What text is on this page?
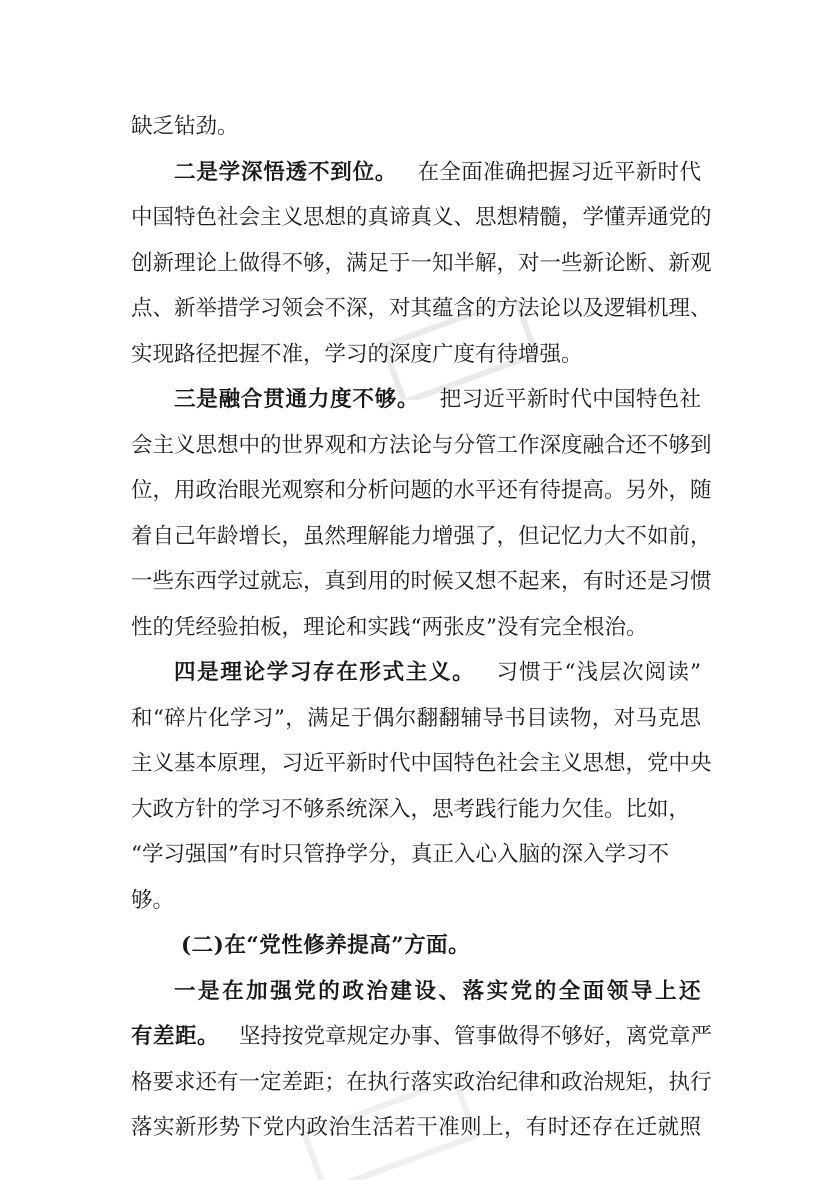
缺乏钻劲。
二是学深悟透不到位。 在全面准确把握习近平新时代
中国特色社会主义思想的真谛真义、思想精髓，学懂弄通党的
创新理论上做得不够，满足于一知半解，对一些新论断、新观
点、新举措学习领会不深，对其蕴含的方法论以及逻辑机理、
实现路径把握不准，学习的深度广度有待增强。
三是融合贯通力度不够。 把习近平新时代中国特色社
会主义思想中的世界观和方法论与分管工作深度融合还不够到
位，用政治眼光观察和分析问题的水平还有待提高。另外，随
着自己年龄增长，虽然理解能力增强了，但记忆力大不如前，
一些东西学过就忘，真到用的时候又想不起来，有时还是习惯
性的凭经验拍板，理论和实践“两张皮”没有完全根治。
四是理论学习存在形式主义。 习惯于“浅层次阅读”
和“碎片化学习”，满足于偶尔翻翻辅导书目读物，对马克思
主义基本原理，习近平新时代中国特色社会主义思想，党中央
大政方针的学习不够系统深入，思考践行能力欠佳。比如，
“学习强国”有时只管挣学分，真正入心入脑的深入学习不
够。
(二)在“党性修养提高”方面。
一是在加强党的政治建设、落实党的全面领导上还
有差距。 坚持按党章规定办事、管事做得不够好，离党章严
格要求还有一定差距；在执行落实政治纪律和政治规矩，执行
落实新形势下党内政治生活若干准则上，有时还存在迁就照
